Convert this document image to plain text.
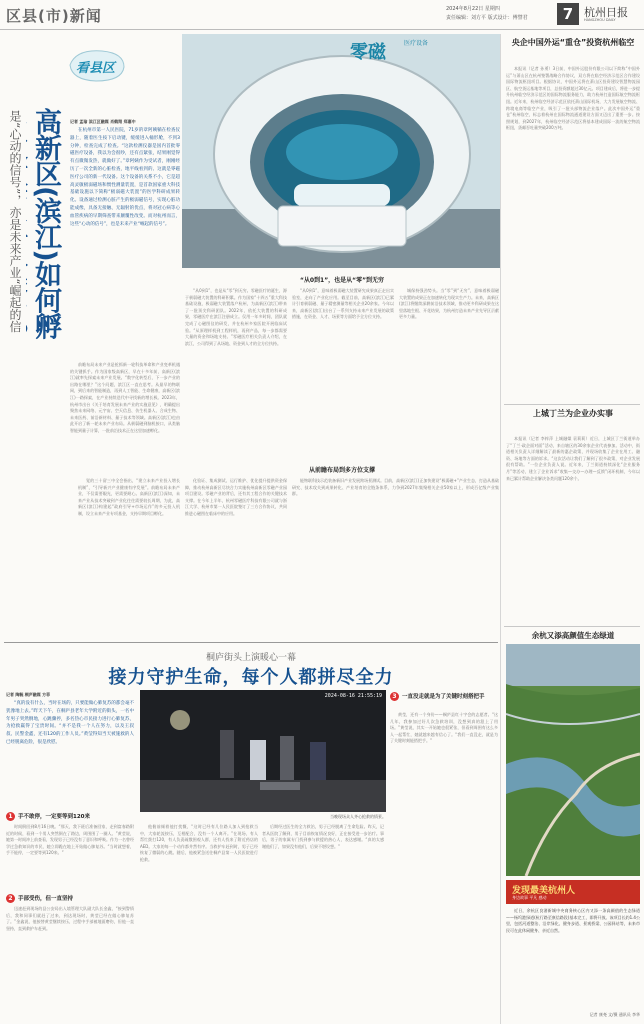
区县(市)新闻	2024年8月22日 星期四
责任编辑：刘方平 版式设计：傅譬君	7 杭州日报
HANGZHOU DAILY
看县区
是“心动的信号”，亦是未来产业“崛起的信
高新区(滨江)如何孵
零磁	医疗设备
记者 孟瑜 滨江区融媒 肖鹤翔 郑嘉中
在杭州市第一人民医院，71岁的章阿姨躺在检查仪器上，随着医生按下启动键，缓缓进入桶形舱，不到3分钟，检查完成了检查。“这款检测仪器是国内首批零磁医疗设备，我以为会很吵，还有点紧张，结果刚觉得有点微微发热，就做好了。”章阿姨作为受试者，刚刚经历了一次全新的心脏检查，地平线看到的、这就是零磁医疗公司的新一代设备。这个设备的关系不小，它是超高灵敏极弱磁场和惯性测量装置，是首款国家重大科技基础设施以下简称“极弱磁大装置”的医学科研成果转化。设备通过检测心脏产生的极弱磁信号，实现心脏功能成像，具备无接触、无辐射的优点，将对冠心病等心血管疾病的早期筛查带来颠覆性改变。而对杭州而言，这些“心动的信号”，也是未来产业“崛起的信号”。
前瞻布局未来产业是抢抓新一轮科技革命和产业变革机遇的关键抓手。作为国家级高新区，早在十多年前，高新区(滨江)就率先探索未来产业发展。“数字化转型后，下一步产业的出路在哪里？”这个问题，滨江区一直在思考。从最早的物联网，到后来的智能制造，再到人工智能、生命健康，高新区(滨江)一路探索，在产业持续迭代中寻找新的增长极。2023年，杭州市出台《关于培育发展未来产业的实施意见》，明确提出聚焦未来网络、元宇宙、空天信息、仿生机器人、合成生物、未来医药、前沿新材料、量子技术等领域。高新区(滨江)也由此开启了新一轮未来产业布局。从极弱磁到脑机接口，从类脑智能到量子计算，一批前沿技术正在这里加速孵化。
“从0到1”，也是从“零”到无穷
“从0到1”，也是从“零”到无穷。零磁医疗的诞生，源于极弱磁大装置的科研积累。作为国家“十四五”重大科技基础设施，极弱磁大装置落户杭州，为高新区(滨江)带来了一批顶尖科研团队。2022年，依托大装置的科研成果，零磁医疗在滨江注册成立。仅用一年多时间，团队就完成了心磁图仪的研发，并在杭州多家医院开展临床试验。“从原理样机到工程样机，再到产品，每一步都需要大量的资金和场地支持。”零磁医疗相关负责人介绍，在滨江，公司得到了从场地、资金到人才的全方位扶持。
“从0到1”，意味着极弱磁大装置研究成果真正走出实验室，走向了产业化应用。截至目前，高新区(滨江)已累计引育极弱磁、量子精密测量等相关企业20余家。今年以来，高新区(滨江)出台了一系列支持未来产业发展的政策措施，在资金、人才、场景等方面给予全方位支持。
城保持强劲势头。当“零”到“无穷”，意味着极弱磁大装置的成果正在加速转化为现实生产力。未来，高新区(滨江)将继续深耕前沿技术领域，推动更多科研成果在这里落地生根、开花结果，为杭州打造未来产业先导区贡献更多力量。
从前瞻布局到多方位支撑
觉的三十留三中全会指出，“建立未来产业投入增长机制”，“引导新兴产业健康有序发展”。前瞻布局未来产业，不仅需要眼光，更需要耐心。高新区(滨江)深知，未来产业从技术突破到产业化往往需要较长周期，为此，高新区(滨江)构建起“政府引导+市场运作”的多元投入机制，设立未来产业专项基金，支持早期项目孵化。
化验证、集成测试、运行维护、优化提升提供资金保障，推动杭州高新区尽快合力实施杭州高新区零磁产业园项目建设。零磁产业的背后，还有其工程合作的关键技术支撑。在今年上半年，杭州零磁医疗科技有限公司就与浙江大学、杭州市第一人民医院签订了三方合作协议，共同推进心磁图在临床中的应用。
能物联科技示范装备新旧产业发展跨场景测试。目前，高新区(滨江)正加快建设“极弱磁+”产业生态，打造从基础研究、技术攻关到成果转化、产业培育的全链条体系，力争到2027年集聚相关企业50家以上，形成百亿级产业集群。
桐庐街头上演暖心一幕
接力守护生命，每个人都拼尽全力
记者 陶毓 桐庐融媒 方菲
“真的没有什么，当时在场的，只要能做心肺复苏的都会毫不犹豫地上去。”昨天下午，在桐庐县老年大学附近的街头，一名中年男子突然倒地，心跳骤停，多名热心市民接力进行心肺复苏，为抢救赢得了宝贵时间。“并不是我一个人在努力，以及王叔叔、民警金鑫，还有120的工作人员。”黄莹得知当天被施救的人已经脱离危险，很是欣慰。
2024-08-16 21:55:19
当晚现场众人齐心抢救的情景。
1 手不敢停，一定要等到120来
时间倒回到8月16日晚。“那天，我下班后准备回家，走到富春路附近的时候，看到一个男人突然倒在了路边，周围围了一圈人。”黄莹说，她第一时间冲上前查看，发现男子已经没有了意识和呼吸。作为一名曾经学过急救知识的市民，她立即跪在地上开始做心肺复苏。“当时就想着，手不能停，一定要等到120来。”
2 手部受伤，但一直坚持
迅速赶到现场的县公安局出入境管理大队副大队长金鑫，“接到警情后，我和同事们就赶了过来，到达现场时，黄莹已经在做心肺复苏了。”金鑫说，他接替黄莹继续按压，过程中手部被地面磨伤，但他一直坚持，直到救护车赶到。
他俯前倾着他打扰慨，“这时已经有几位路人加入到抢救当中，大家轮流按压，互相配合，没有一个人离开。”在现场，有人帮忙拨打120，有人负责疏散围观人群，还有人找来了附近药店的AED。大家的每一个动作都井然有序。当救护车赶到时，男子已经恢复了微弱的心跳。随后，他被紧急送往桐庐县第一人民医院进行抢救。
后期经过医生的全力救治，男子已经脱离了生命危险。昨天，记者从医院了解到，男子目前恢复情况良好，正在接受进一步治疗。事后，男子的家属专门找到参与救援的热心人，表达感谢。“真的太感谢他们了，如果没有他们，后果不堪设想。”
3 一直没走就是为了关键时刻搭把手
黄莹，还有一个身份——桐庐县红十字会的志愿者。“这几年，我参加过好几次急救培训，没想到真的派上了用场。”黄莹说，其实一开始她也很紧张，但看到周围有这么多人一起帮忙，她就越来越有信心了。“我们一直没走，就是为了关键时刻能搭把手。”
央企中国外运“重仓”投资杭州临空
本报讯（记者 孙勇）3日前，中国外运股份有限公司以下简称“中国外运”与萧山区在杭州签署战略合作协议，双方将在临空经济示范区合作建设国际物流枢纽项目。根据协议，中国外运将在萧山区投资建设智慧物流园区、航空货运基地等项目，总投资额超过30亿元。项目建成后，将进一步提升杭州临空经济示范区的国际物流服务能力，助力杭州打造国际航空物流枢纽。近年来，杭州临空经济示范区依托萧山国际机场，大力发展航空物流、跨境电商等临空产业，吸引了一批头部物流企业落户。此次中国外运“重仓”杭州临空，标志着杭州在国际物流通道建设方面又迈出了重要一步。按照规划，到2027年，杭州临空经济示范区将基本建成国际一流的航空物流枢纽，货邮吞吐量突破200万吨。
上城丁兰为企业办实事
本报讯（记者 李梓萍 上城融媒 袁莉莉）近日，上城区丁兰街道举办了“丁兰·政企面对面”活动，来自辖区的30余家企业代表参加。活动中，街道相关负责人详细解读了最新的惠企政策，并现场收集了企业在用工、融资、场地等方面的诉求。“这次活动让我们了解到了很多政策，对企业发展很有帮助。”一位企业负责人说。近年来，丁兰街道持续深化“企业服务月”等活动，建立了企业诉求“收集—交办—办理—反馈”闭环机制，今年以来已累计帮助企业解决各类问题120余个。
余杭又添高颜值生态绿道
发现最美杭州人
身边故事 平凡 感动
近日，余杭区良渚新城中央商务核心区内又添一条高颜值的生态绿道——杨坞港绿道(杭行路至康信路段)基本完工，即将开放。该项目长约1.4公里，包括河道整治、沿岸绿化、健身步道、景观桥梁、公园驿站等，未来市民可在此休闲健身、亲近自然。
记者 康尧 文/摄 通讯员 李华
